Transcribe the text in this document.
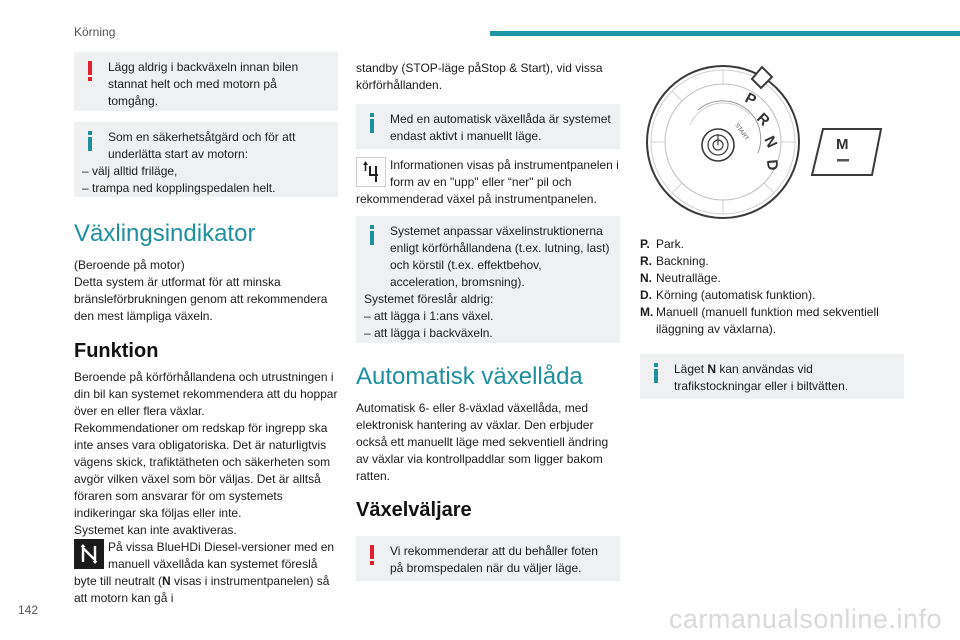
Körning

Lägg aldrig i backväxeln innan bilen stannat helt och med motorn på tomgång.

Som en säkerhetsåtgärd och för att underlätta start av motorn:

– välj alltid friläge,

– trampa ned kopplingspedalen helt.

Växlingsindikator

(Beroende på motor)

Detta system är utformat för att minska bränsleförbrukningen genom att rekommendera den mest lämpliga växeln.

Funktion

Beroende på körförhållandena och utrustningen i din bil kan systemet rekommendera att du hoppar över en eller flera växlar.

Rekommendationer om redskap för ingrepp ska inte anses vara obligatoriska. Det är naturligtvis vägens skick, trafiktätheten och säkerheten som avgör vilken växel som bör väljas. Det är alltså föraren som ansvarar för om systemets indikeringar ska följas eller inte.

Systemet kan inte avaktiveras.

På vissa BlueHDi Diesel-versioner med en manuell växellåda kan systemet föreslå byte till neutralt (N visas i instrumentpanelen) så att motorn kan gå i

standby (STOP-läge påStop & Start), vid vissa körförhållanden.

Med en automatisk växellåda är systemet endast aktivt i manuellt läge.

Informationen visas på instrumentpanelen i form av en "upp" eller “ner" pil och rekommenderad växel på instrumentpanelen.

Systemet anpassar växelinstruktionerna enligt körförhållandena (t.ex. lutning, last) och körstil (t.ex. effektbehov, acceleration, bromsning).

Systemet föreslår aldrig:

– att lägga i 1:ans växel.

– att lägga i backväxeln.

Automatisk växellåda

Automatisk 6- eller 8-växlad växellåda, med elektronisk hantering av växlar. Den erbjuder också ett manuellt läge med sekventiell ändring av växlar via kontrollpaddlar som ligger bakom ratten.

Växelväljare

Vi rekommenderar att du behåller foten på bromspedalen när du väljer läge.

START
P
R
N
D
M
P. Park.
R. Backning.
N. Neutralläge.
D. Körning (automatisk funktion).
M. Manuell (manuell funktion med sekventiell iläggning av växlarna).

Läget N kan användas vid trafikstockningar eller i biltvätten.

142	carmanualsonline.info
